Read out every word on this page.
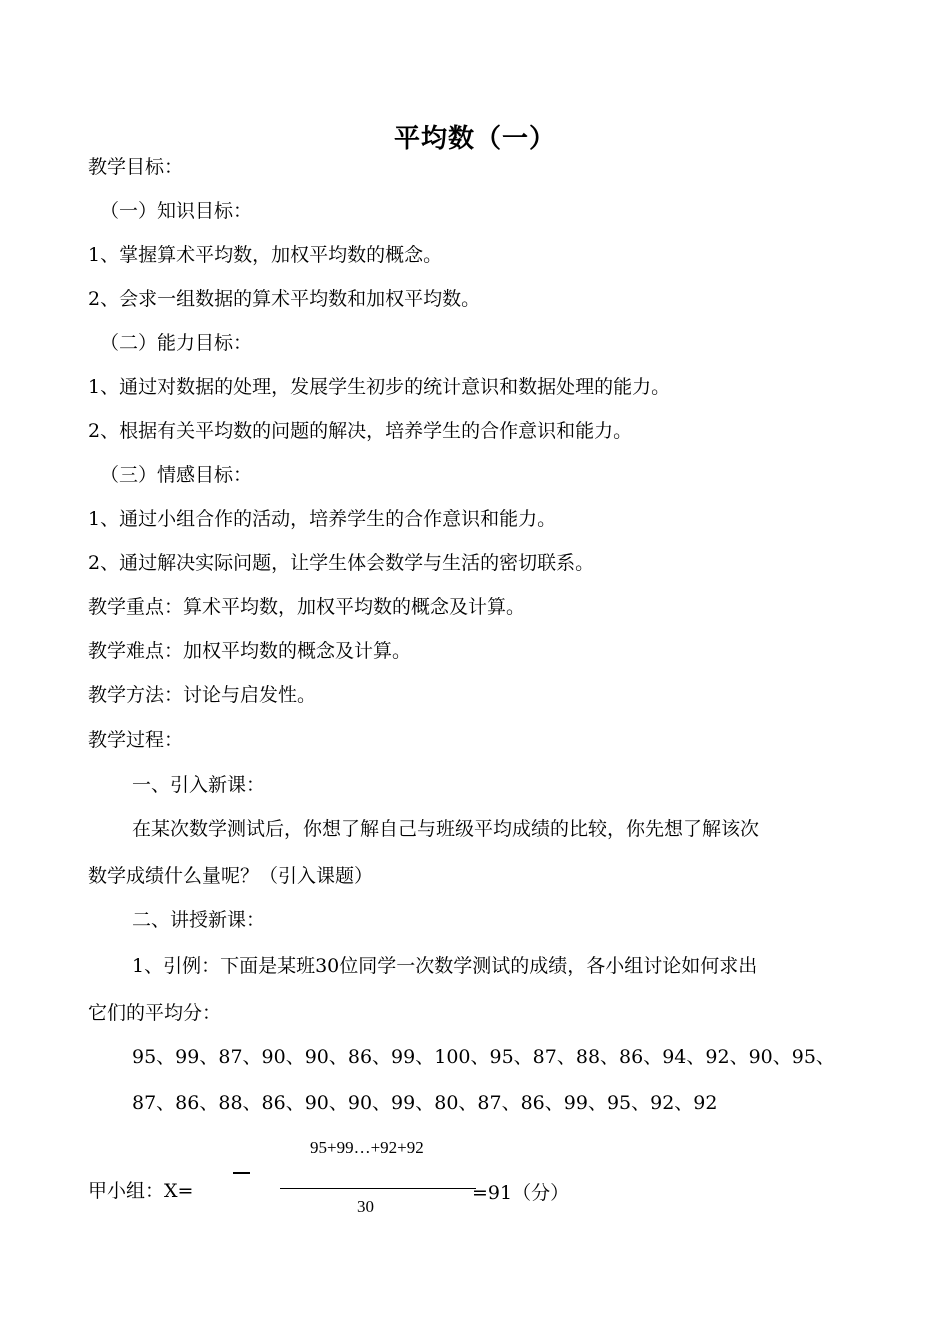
平均数（一）
教学目标：
（一）知识目标：
1、掌握算术平均数，加权平均数的概念。
2、会求一组数据的算术平均数和加权平均数。
（二）能力目标：
1、通过对数据的处理，发展学生初步的统计意识和数据处理的能力。
2、根据有关平均数的问题的解决，培养学生的合作意识和能力。
（三）情感目标：
1、通过小组合作的活动，培养学生的合作意识和能力。
2、通过解决实际问题，让学生体会数学与生活的密切联系。
教学重点：算术平均数，加权平均数的概念及计算。
教学难点：加权平均数的概念及计算。
教学方法：讨论与启发性。
教学过程：
一、引入新课：
在某次数学测试后，你想了解自己与班级平均成绩的比较，你先想了解该次
数学成绩什么量呢？（引入课题）
二、讲授新课：
1、引例：下面是某班30位同学一次数学测试的成绩，各小组讨论如何求出
它们的平均分：
95、99、87、90、90、86、99、100、95、87、88、86、94、92、90、95、
87、86、88、86、90、90、99、80、87、86、99、95、92、92
甲小组：X=
95+99…+92+92
30
=91（分）
